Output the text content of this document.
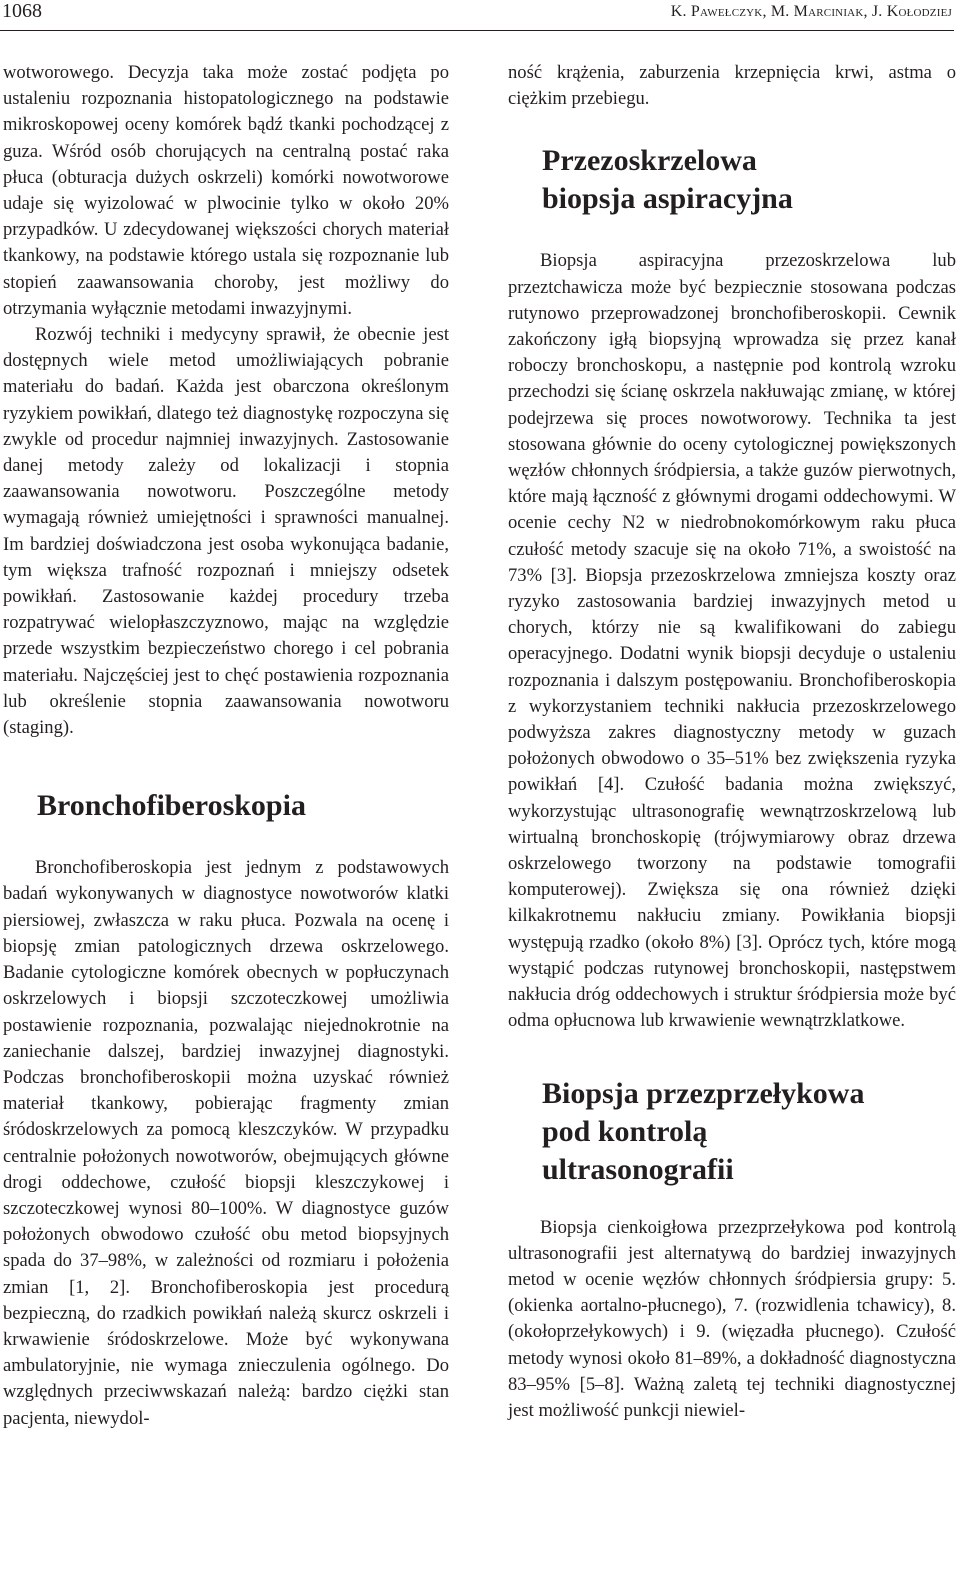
1068	K. Pawełczyk, M. Marciniak, J. Kołodziej

wotworowego. Decyzja taka może zostać podjęta po ustaleniu rozpoznania histopatologicznego na podstawie mikroskopowej oceny komórek bądź tkanki pochodzącej z guza. Wśród osób chorujących na centralną postać raka płuca (obturacja dużych oskrzeli) komórki nowotworowe udaje się wyizolować w plwocinie tylko w około 20% przypadków. U zdecydowanej większości chorych materiał tkankowy, na podstawie którego ustala się rozpoznanie lub stopień zaawansowania choroby, jest możliwy do otrzymania wyłącznie metodami inwazyjnymi.

Rozwój techniki i medycyny sprawił, że obecnie jest dostępnych wiele metod umożliwiających pobranie materiału do badań. Każda jest obarczona określonym ryzykiem powikłań, dlatego też diagnostykę rozpoczyna się zwykle od procedur najmniej inwazyjnych. Zastosowanie danej metody zależy od lokalizacji i stopnia zaawansowania nowotworu. Poszczególne metody wymagają również umiejętności i sprawności manualnej. Im bardziej doświadczona jest osoba wykonująca badanie, tym większa trafność rozpoznań i mniejszy odsetek powikłań. Zastosowanie każdej procedury trzeba rozpatrywać wielopłaszczyznowo, mając na względzie przede wszystkim bezpieczeństwo chorego i cel pobrania materiału. Najczęściej jest to chęć postawienia rozpoznania lub określenie stopnia zaawansowania nowotworu (staging).

Bronchofiberoskopia

Bronchofiberoskopia jest jednym z podstawowych badań wykonywanych w diagnostyce nowotworów klatki piersiowej, zwłaszcza w raku płuca. Pozwala na ocenę i biopsję zmian patologicznych drzewa oskrzelowego. Badanie cytologiczne komórek obecnych w popłuczynach oskrzelowych i biopsji szczoteczkowej umożliwia postawienie rozpoznania, pozwalając niejednokrotnie na zaniechanie dalszej, bardziej inwazyjnej diagnostyki. Podczas bronchofiberoskopii można uzyskać również materiał tkankowy, pobierając fragmenty zmian śródoskrzelowych za pomocą kleszczyków. W przypadku centralnie położonych nowotworów, obejmujących główne drogi oddechowe, czułość biopsji kleszczykowej i szczoteczkowej wynosi 80–100%. W diagnostyce guzów położonych obwodowo czułość obu metod biopsyjnych spada do 37–98%, w zależności od rozmiaru i położenia zmian [1, 2]. Bronchofiberoskopia jest procedurą bezpieczną, do rzadkich powikłań należą skurcz oskrzeli i krwawienie śródoskrzelowe. Może być wykonywana ambulatoryjnie, nie wymaga znieczulenia ogólnego. Do względnych przeciwwskazań należą: bardzo ciężki stan pacjenta, niewydol-

ność krążenia, zaburzenia krzepnięcia krwi, astma o ciężkim przebiegu.

Przezoskrzelowa
biopsja aspiracyjna

Biopsja aspiracyjna przezoskrzelowa lub przeztchawicza może być bezpiecznie stosowana podczas rutynowo przeprowadzonej bronchofiberoskopii. Cewnik zakończony igłą biopsyjną wprowadza się przez kanał roboczy bronchoskopu, a następnie pod kontrolą wzroku przechodzi się ścianę oskrzela nakłuwając zmianę, w której podejrzewa się proces nowotworowy. Technika ta jest stosowana głównie do oceny cytologicznej powiększonych węzłów chłonnych śródpiersia, a także guzów pierwotnych, które mają łączność z głównymi drogami oddechowymi. W ocenie cechy N2 w niedrobnokomórkowym raku płuca czułość metody szacuje się na około 71%, a swoistość na 73% [3]. Biopsja przezoskrzelowa zmniejsza koszty oraz ryzyko zastosowania bardziej inwazyjnych metod u chorych, którzy nie są kwalifikowani do zabiegu operacyjnego. Dodatni wynik biopsji decyduje o ustaleniu rozpoznania i dalszym postępowaniu. Bronchofiberoskopia z wykorzystaniem techniki nakłucia przezoskrzelowego podwyższa zakres diagnostyczny metody w guzach położonych obwodowo o 35–51% bez zwiększenia ryzyka powikłań [4]. Czułość badania można zwiększyć, wykorzystując ultrasonografię wewnątrzoskrzelową lub wirtualną bronchoskopię (trójwymiarowy obraz drzewa oskrzelowego tworzony na podstawie tomografii komputerowej). Zwiększa się ona również dzięki kilkakrotnemu nakłuciu zmiany. Powikłania biopsji występują rzadko (około 8%) [3]. Oprócz tych, które mogą wystąpić podczas rutynowej bronchoskopii, następstwem nakłucia dróg oddechowych i struktur śródpiersia może być odma opłucnowa lub krwawienie wewnątrzklatkowe.

Biopsja przezprzełykowa
pod kontrolą
ultrasonografii

Biopsja cienkoigłowa przezprzełykowa pod kontrolą ultrasonografii jest alternatywą do bardziej inwazyjnych metod w ocenie węzłów chłonnych śródpiersia grupy: 5. (okienka aortalno-płucnego), 7. (rozwidlenia tchawicy), 8. (okołoprzełykowych) i 9. (więzadła płucnego). Czułość metody wynosi około 81–89%, a dokładność diagnostyczna 83–95% [5–8]. Ważną zaletą tej techniki diagnostycznej jest możliwość punkcji niewiel-
